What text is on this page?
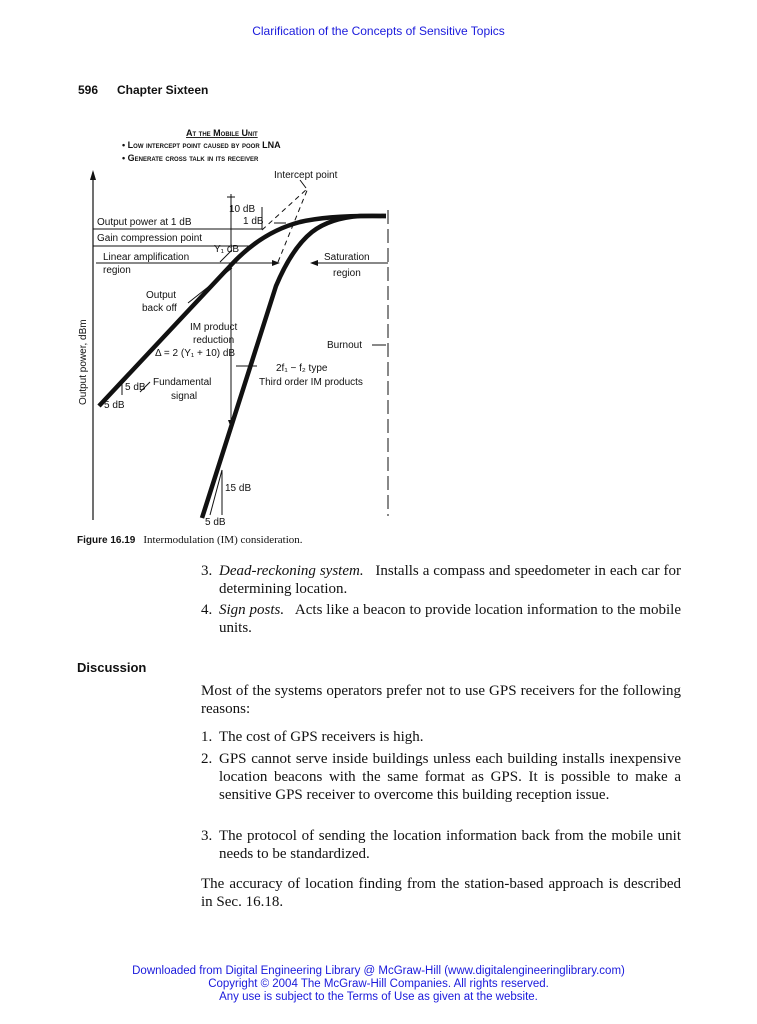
Clarification of the Concepts of Sensitive Topics
596 Chapter Sixteen
At the Mobile Unit
• Low intercept point caused by poor LNA
• Generate cross talk in its receiver
Output power, dBm
Intercept point
10 dB
1 dB
Output power at 1 dB
Gain compression point
Y₁ dB
Linear amplification
region
Saturation
region
Output
back off
IM product
reduction
Δ = 2 (Y₁ + 10) dB
Burnout
2f₁ − f₂ type
Third order IM products
Fundamental
signal
5 dB
5 dB
15 dB
5 dB
Figure 16.19 Intermodulation (IM) consideration.
3. Dead-reckoning system. Installs a compass and speedometer in each car for determining location.
4. Sign posts. Acts like a beacon to provide location information to the mobile units.
Discussion
Most of the systems operators prefer not to use GPS receivers for the following reasons:
1. The cost of GPS receivers is high.
2. GPS cannot serve inside buildings unless each building installs inexpensive location beacons with the same format as GPS. It is possible to make a sensitive GPS receiver to overcome this building reception issue.
3. The protocol of sending the location information back from the mobile unit needs to be standardized.
The accuracy of location finding from the station-based approach is described in Sec. 16.18.
Downloaded from Digital Engineering Library @ McGraw-Hill (www.digitalengineeringlibrary.com)
Copyright © 2004 The McGraw-Hill Companies. All rights reserved.
Any use is subject to the Terms of Use as given at the website.
